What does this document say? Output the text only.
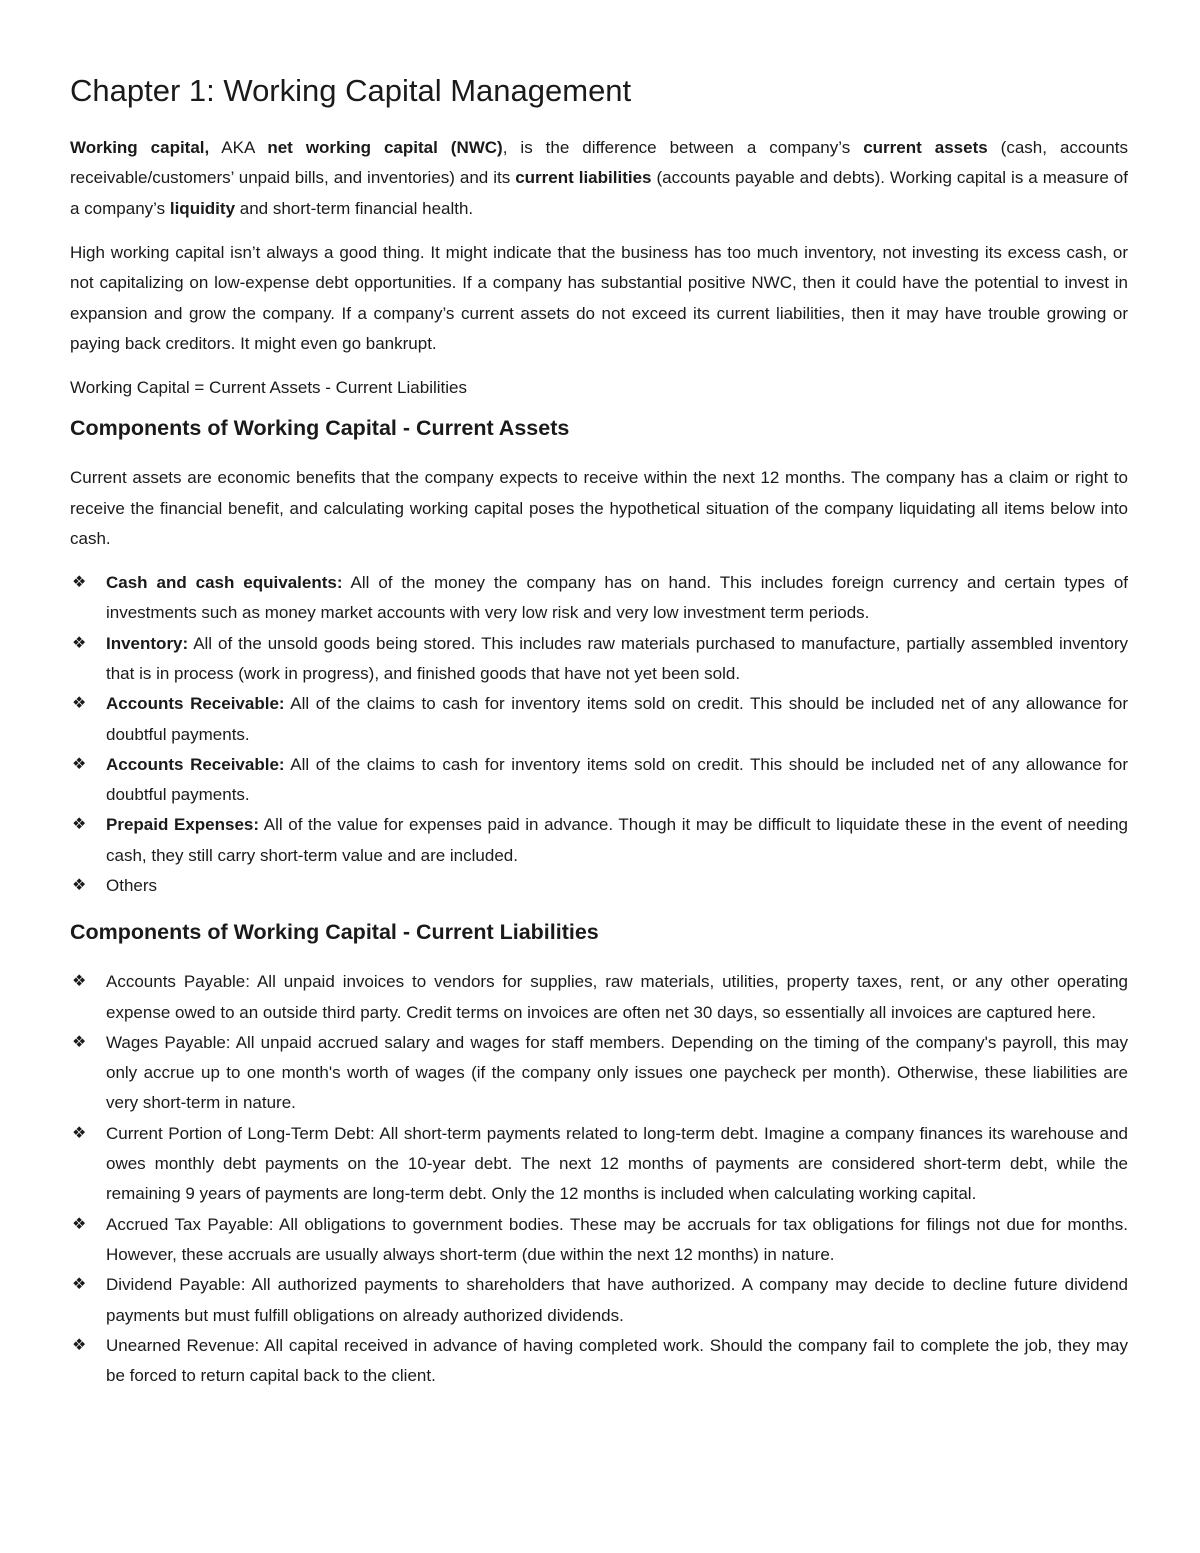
Chapter 1: Working Capital Management

Working capital, AKA net working capital (NWC), is the difference between a company’s current assets (cash, accounts receivable/customers’ unpaid bills, and inventories) and its current liabilities (accounts payable and debts). Working capital is a measure of a company’s liquidity and short-term financial health.

High working capital isn’t always a good thing. It might indicate that the business has too much inventory, not investing its excess cash, or not capitalizing on low-expense debt opportunities. If a company has substantial positive NWC, then it could have the potential to invest in expansion and grow the company. If a company’s current assets do not exceed its current liabilities, then it may have trouble growing or paying back creditors. It might even go bankrupt.

Working Capital = Current Assets - Current Liabilities

Components of Working Capital - Current Assets

Current assets are economic benefits that the company expects to receive within the next 12 months. The company has a claim or right to receive the financial benefit, and calculating working capital poses the hypothetical situation of the company liquidating all items below into cash.

❖ Cash and cash equivalents: All of the money the company has on hand. This includes foreign currency and certain types of investments such as money market accounts with very low risk and very low investment term periods.
❖ Inventory: All of the unsold goods being stored. This includes raw materials purchased to manufacture, partially assembled inventory that is in process (work in progress), and finished goods that have not yet been sold.
❖ Accounts Receivable: All of the claims to cash for inventory items sold on credit. This should be included net of any allowance for doubtful payments.
❖ Accounts Receivable: All of the claims to cash for inventory items sold on credit. This should be included net of any allowance for doubtful payments.
❖ Prepaid Expenses: All of the value for expenses paid in advance. Though it may be difficult to liquidate these in the event of needing cash, they still carry short-term value and are included.
❖ Others
Components of Working Capital - Current Liabilities
❖ Accounts Payable: All unpaid invoices to vendors for supplies, raw materials, utilities, property taxes, rent, or any other operating expense owed to an outside third party. Credit terms on invoices are often net 30 days, so essentially all invoices are captured here.
❖ Wages Payable: All unpaid accrued salary and wages for staff members. Depending on the timing of the company's payroll, this may only accrue up to one month's worth of wages (if the company only issues one paycheck per month). Otherwise, these liabilities are very short-term in nature.
❖ Current Portion of Long-Term Debt: All short-term payments related to long-term debt. Imagine a company finances its warehouse and owes monthly debt payments on the 10-year debt. The next 12 months of payments are considered short-term debt, while the remaining 9 years of payments are long-term debt. Only the 12 months is included when calculating working capital.
❖ Accrued Tax Payable: All obligations to government bodies. These may be accruals for tax obligations for filings not due for months. However, these accruals are usually always short-term (due within the next 12 months) in nature.
❖ Dividend Payable: All authorized payments to shareholders that have authorized. A company may decide to decline future dividend payments but must fulfill obligations on already authorized dividends.
❖ Unearned Revenue: All capital received in advance of having completed work. Should the company fail to complete the job, they may be forced to return capital back to the client.
